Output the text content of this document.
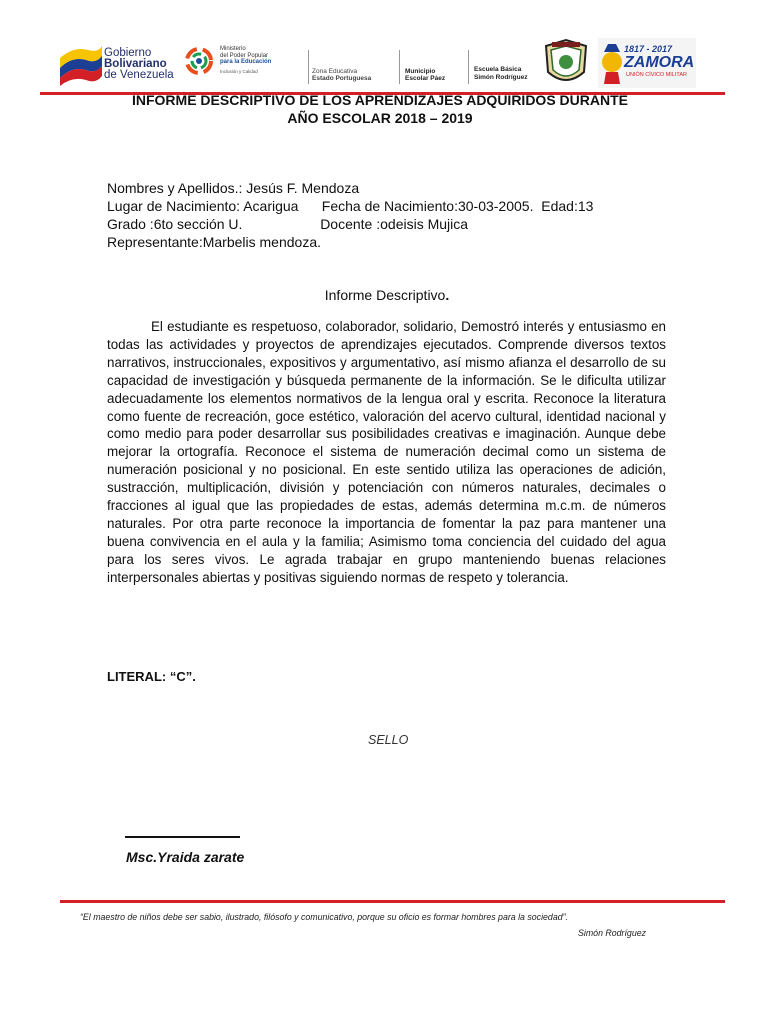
Gobierno
Bolivariano
de Venezuela
Ministerio
del Poder Popular
para la Educación
Inclusión y Calidad	Zona Educativa
Estado Portuguesa
Municipio
Escolar Páez
Escuela Básica
Simón Rodríguez
1817 - 2017
ZAMORA
UNIÓN CÍVICO MILITAR
INFORME DESCRIPTIVO DE LOS APRENDIZAJES ADQUIRIDOS DURANTE
AÑO ESCOLAR 2018 – 2019
Nombres y Apellidos.: Jesús F. Mendoza
Lugar de Nacimiento: Acarigua      Fecha de Nacimiento:30-03-2005.  Edad:13
Grado :6to sección U.                    Docente :odeisis Mujica
Representante:Marbelis mendoza.
Informe Descriptivo.

El estudiante es respetuoso, colaborador, solidario, Demostró interés y entusiasmo en todas las actividades y proyectos de aprendizajes ejecutados. Comprende diversos textos narrativos, instruccionales, expositivos y argumentativo, así mismo afianza el desarrollo de su capacidad de investigación y búsqueda permanente de la información. Se le dificulta utilizar adecuadamente los elementos normativos de la lengua oral y escrita. Reconoce la literatura como fuente de recreación, goce estético, valoración del acervo cultural, identidad nacional y como medio para poder desarrollar sus posibilidades creativas e imaginación. Aunque debe mejorar la ortografía. Reconoce el sistema de numeración decimal como un sistema de numeración posicional y no posicional. En este sentido utiliza las operaciones de adición, sustracción, multiplicación, división y potenciación con números naturales, decimales o fracciones al igual que las propiedades de estas, además determina m.c.m. de números naturales. Por otra parte reconoce la importancia de fomentar la paz para mantener una buena convivencia en el aula y la familia; Asimismo toma conciencia del cuidado del agua para los seres vivos. Le agrada trabajar en grupo manteniendo buenas relaciones interpersonales abiertas y positivas siguiendo normas de respeto y tolerancia.

LITERAL: “C”.
SELLO
Msc.Yraida zarate
“El maestro de niños debe ser sabio, ilustrado, filósofo y comunicativo, porque su oficio es formar hombres para la sociedad”.
Simón Rodríguez
